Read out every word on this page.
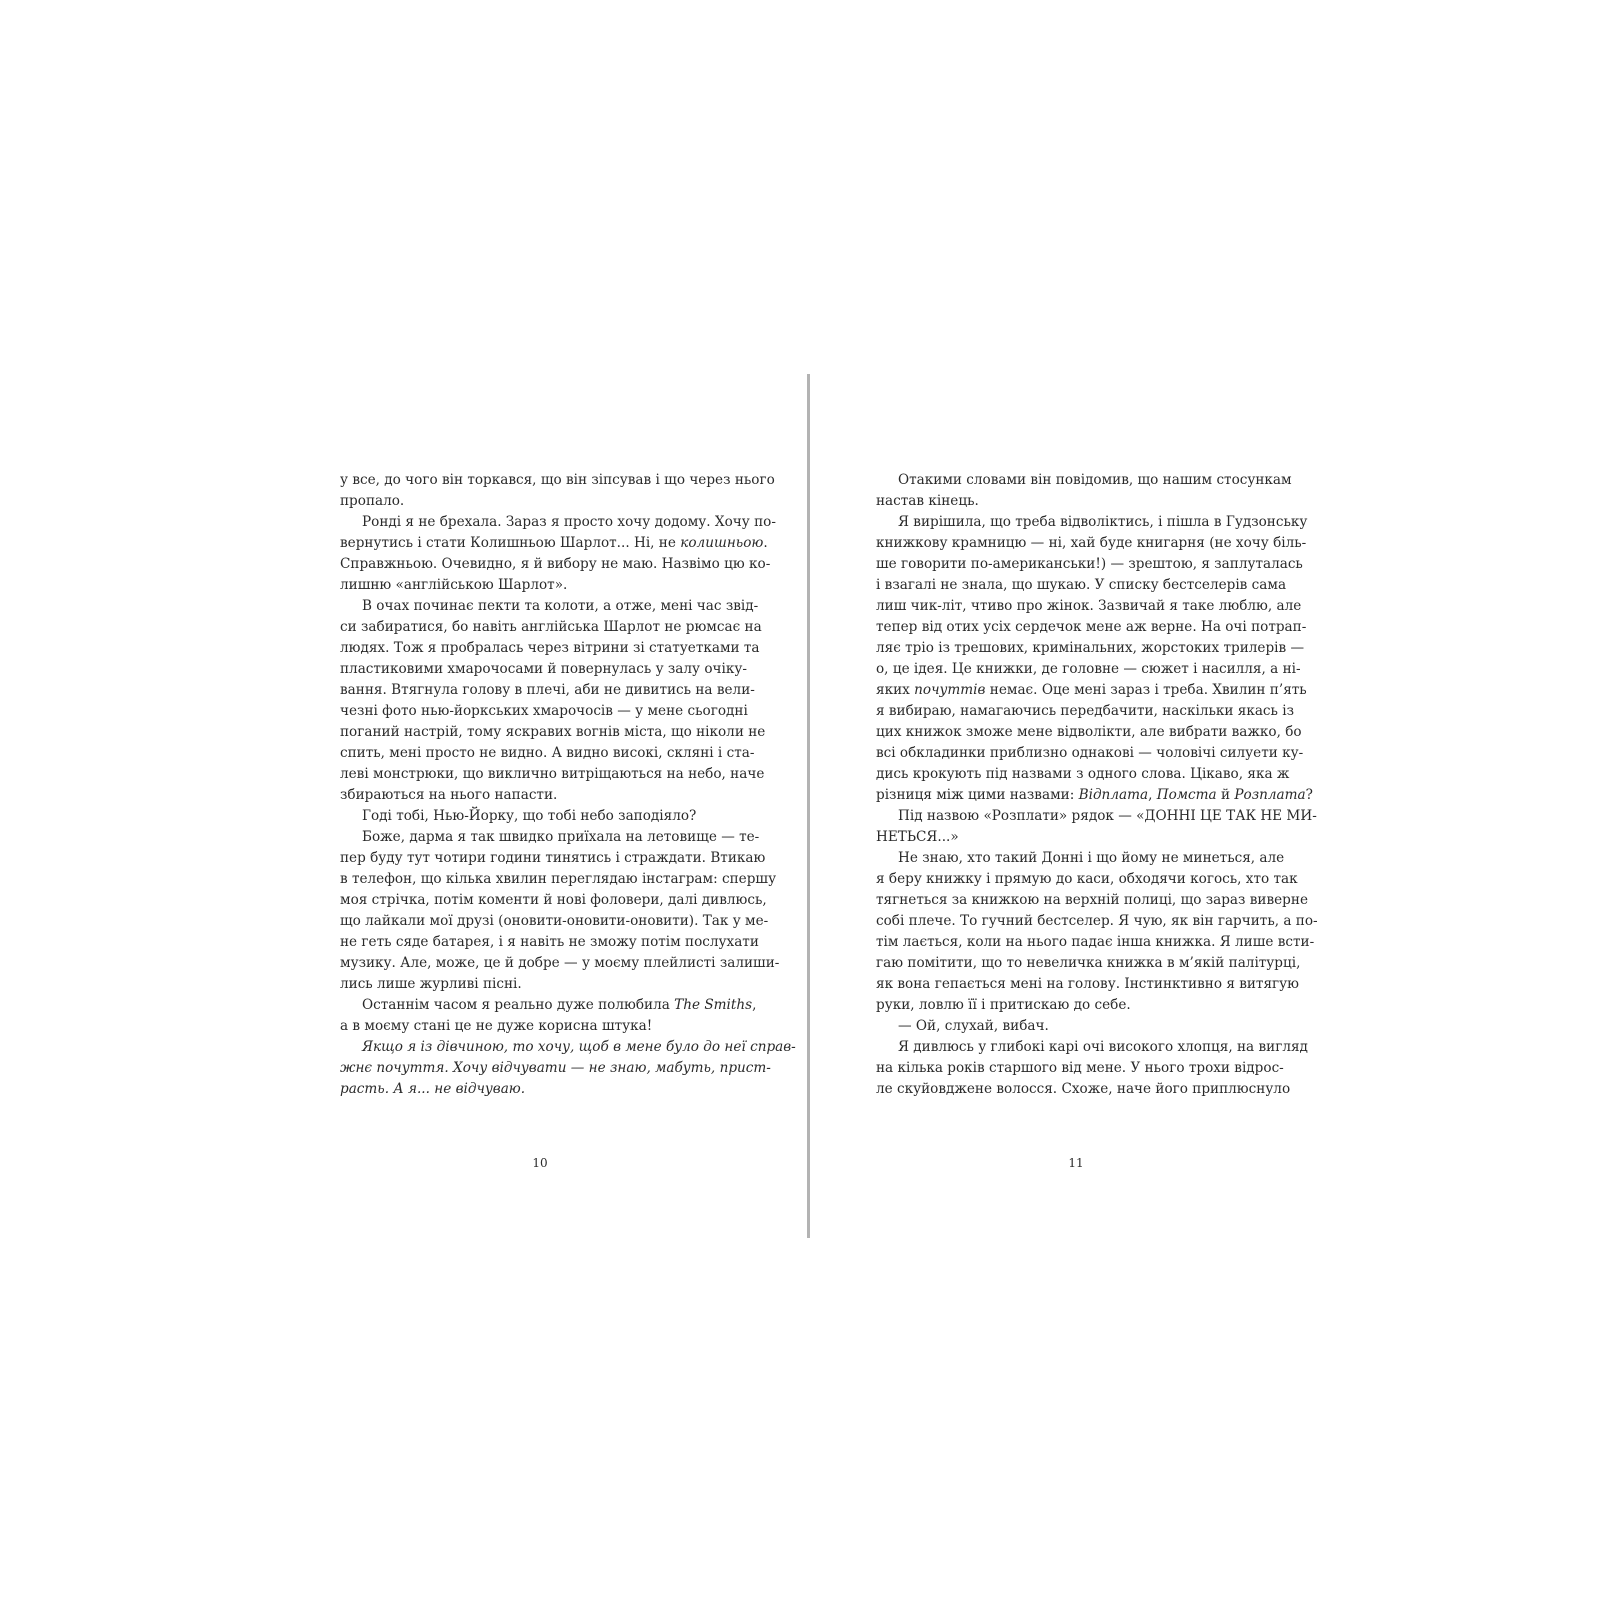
у все, до чого він торкався, що він зіпсував і що через нього
пропало.
Ронді я не брехала. Зараз я просто хочу додому. Хочу по-
вернутись і стати Колишньою Шарлот... Ні, не колишньою.
Справжньою. Очевидно, я й вибору не маю. Назвімо цю ко-
лишню «англійською Шарлот».
В очах починає пекти та колоти, а отже, мені час звід-
си забиратися, бо навіть англійська Шарлот не рюмсає на
людях. Тож я пробралась через вітрини зі статуетками та
пластиковими хмарочосами й повернулась у залу очіку-
вання. Втягнула голову в плечі, аби не дивитись на вели-
чезні фото нью-йоркських хмарочосів — у мене сьогодні
поганий настрій, тому яскравих вогнів міста, що ніколи не
спить, мені просто не видно. А видно високі, скляні і ста-
леві монстрюки, що виклично витріщаються на небо, наче
збираються на нього напасти.
Годі тобі, Нью-Йорку, що тобі небо заподіяло?
Боже, дарма я так швидко приїхала на летовище — те-
пер буду тут чотири години тинятись і страждати. Втикаю
в телефон, що кілька хвилин переглядаю інстаграм: спершу
моя стрічка, потім коменти й нові фоловери, далі дивлюсь,
що лайкали мої друзі (оновити-оновити-оновити). Так у ме-
не геть сяде батарея, і я навіть не зможу потім послухати
музику. Але, може, це й добре — у моєму плейлисті залиши-
лись лише журливі пісні.
Останнім часом я реально дуже полюбила The Smiths,
а в моєму стані це не дуже корисна штука!
Якщо я із дівчиною, то хочу, щоб в мене було до неї справ-
жнє почуття. Хочу відчувати — не знаю, мабуть, прист-
расть. А я... не відчуваю.
10
Отакими словами він повідомив, що нашим стосункам
настав кінець.
Я вирішила, що треба відволіктись, і пішла в Гудзонську
книжкову крамницю — ні, хай буде книгарня (не хочу біль-
ше говорити по-американськи!) — зрештою, я заплуталась
і взагалі не знала, що шукаю. У списку бестселерів сама
лиш чик-літ, чтиво про жінок. Зазвичай я таке люблю, але
тепер від отих усіх сердечок мене аж верне. На очі потрап-
ляє тріо із трешових, кримінальних, жорстоких трилерів —
о, це ідея. Це книжки, де головне — сюжет і насилля, а ні-
яких почуттів немає. Оце мені зараз і треба. Хвилин п’ять
я вибираю, намагаючись передбачити, наскільки якась із
цих книжок зможе мене відволікти, але вибрати важко, бо
всі обкладинки приблизно однакові — чоловічі силуети ку-
дись крокують під назвами з одного слова. Цікаво, яка ж
різниця між цими назвами: Відплата, Помста й Розплата?
Під назвою «Розплати» рядок — «ДОННІ ЦЕ ТАК НЕ МИ-
НЕТЬСЯ...»
Не знаю, хто такий Донні і що йому не минеться, але
я беру книжку і прямую до каси, обходячи когось, хто так
тягнеться за книжкою на верхній полиці, що зараз виверне
собі плече. То гучний бестселер. Я чую, як він гарчить, а по-
тім лається, коли на нього падає інша книжка. Я лише всти-
гаю помітити, що то невеличка книжка в м’якій палітурці,
як вона гепається мені на голову. Інстинктивно я витягую
руки, ловлю її і притискаю до себе.
— Ой, слухай, вибач.
Я дивлюсь у глибокі карі очі високого хлопця, на вигляд
на кілька років старшого від мене. У нього трохи відрос-
ле скуйовджене волосся. Схоже, наче його приплюснуло
11
